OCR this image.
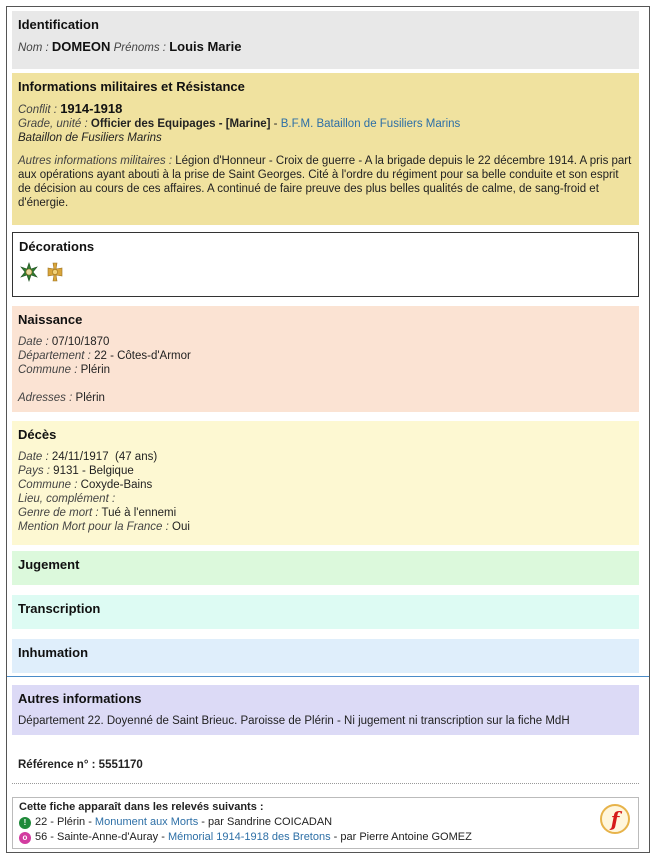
Identification
Nom : DOMEON Prénoms : Louis Marie
Informations militaires et Résistance
Conflit : 1914-1918
Grade, unité : Officier des Equipages - [Marine] - B.F.M. Bataillon de Fusiliers Marins
Bataillon de Fusiliers Marins
Autres informations militaires : Légion d'Honneur - Croix de guerre - A la brigade depuis le 22 décembre 1914. A pris part aux opérations ayant abouti à la prise de Saint Georges. Cité à l'ordre du régiment pour sa belle conduite et son esprit de décision au cours de ces affaires. A continué de faire preuve des plus belles qualités de calme, de sang-froid et d'énergie.
Décorations
Naissance
Date : 07/10/1870
Département : 22 - Côtes-d'Armor
Commune : Plérin
Adresses : Plérin
Décès
Date : 24/11/1917  (47 ans)
Pays : 9131 - Belgique
Commune : Coxyde-Bains
Lieu, complément :
Genre de mort : Tué à l'ennemi
Mention Mort pour la France : Oui
Jugement
Transcription
Inhumation
Autres informations
Département 22. Doyenné de Saint Brieuc. Paroisse de Plérin - Ni jugement ni transcription sur la fiche MdH
Référence n° : 5551170
Cette fiche apparaît dans les relevés suivants :
! 22 - Plérin - Monument aux Morts - par Sandrine COICADAN
o 56 - Sainte-Anne-d'Auray - Mémorial 1914-1918 des Bretons - par Pierre Antoine GOMEZ
f
